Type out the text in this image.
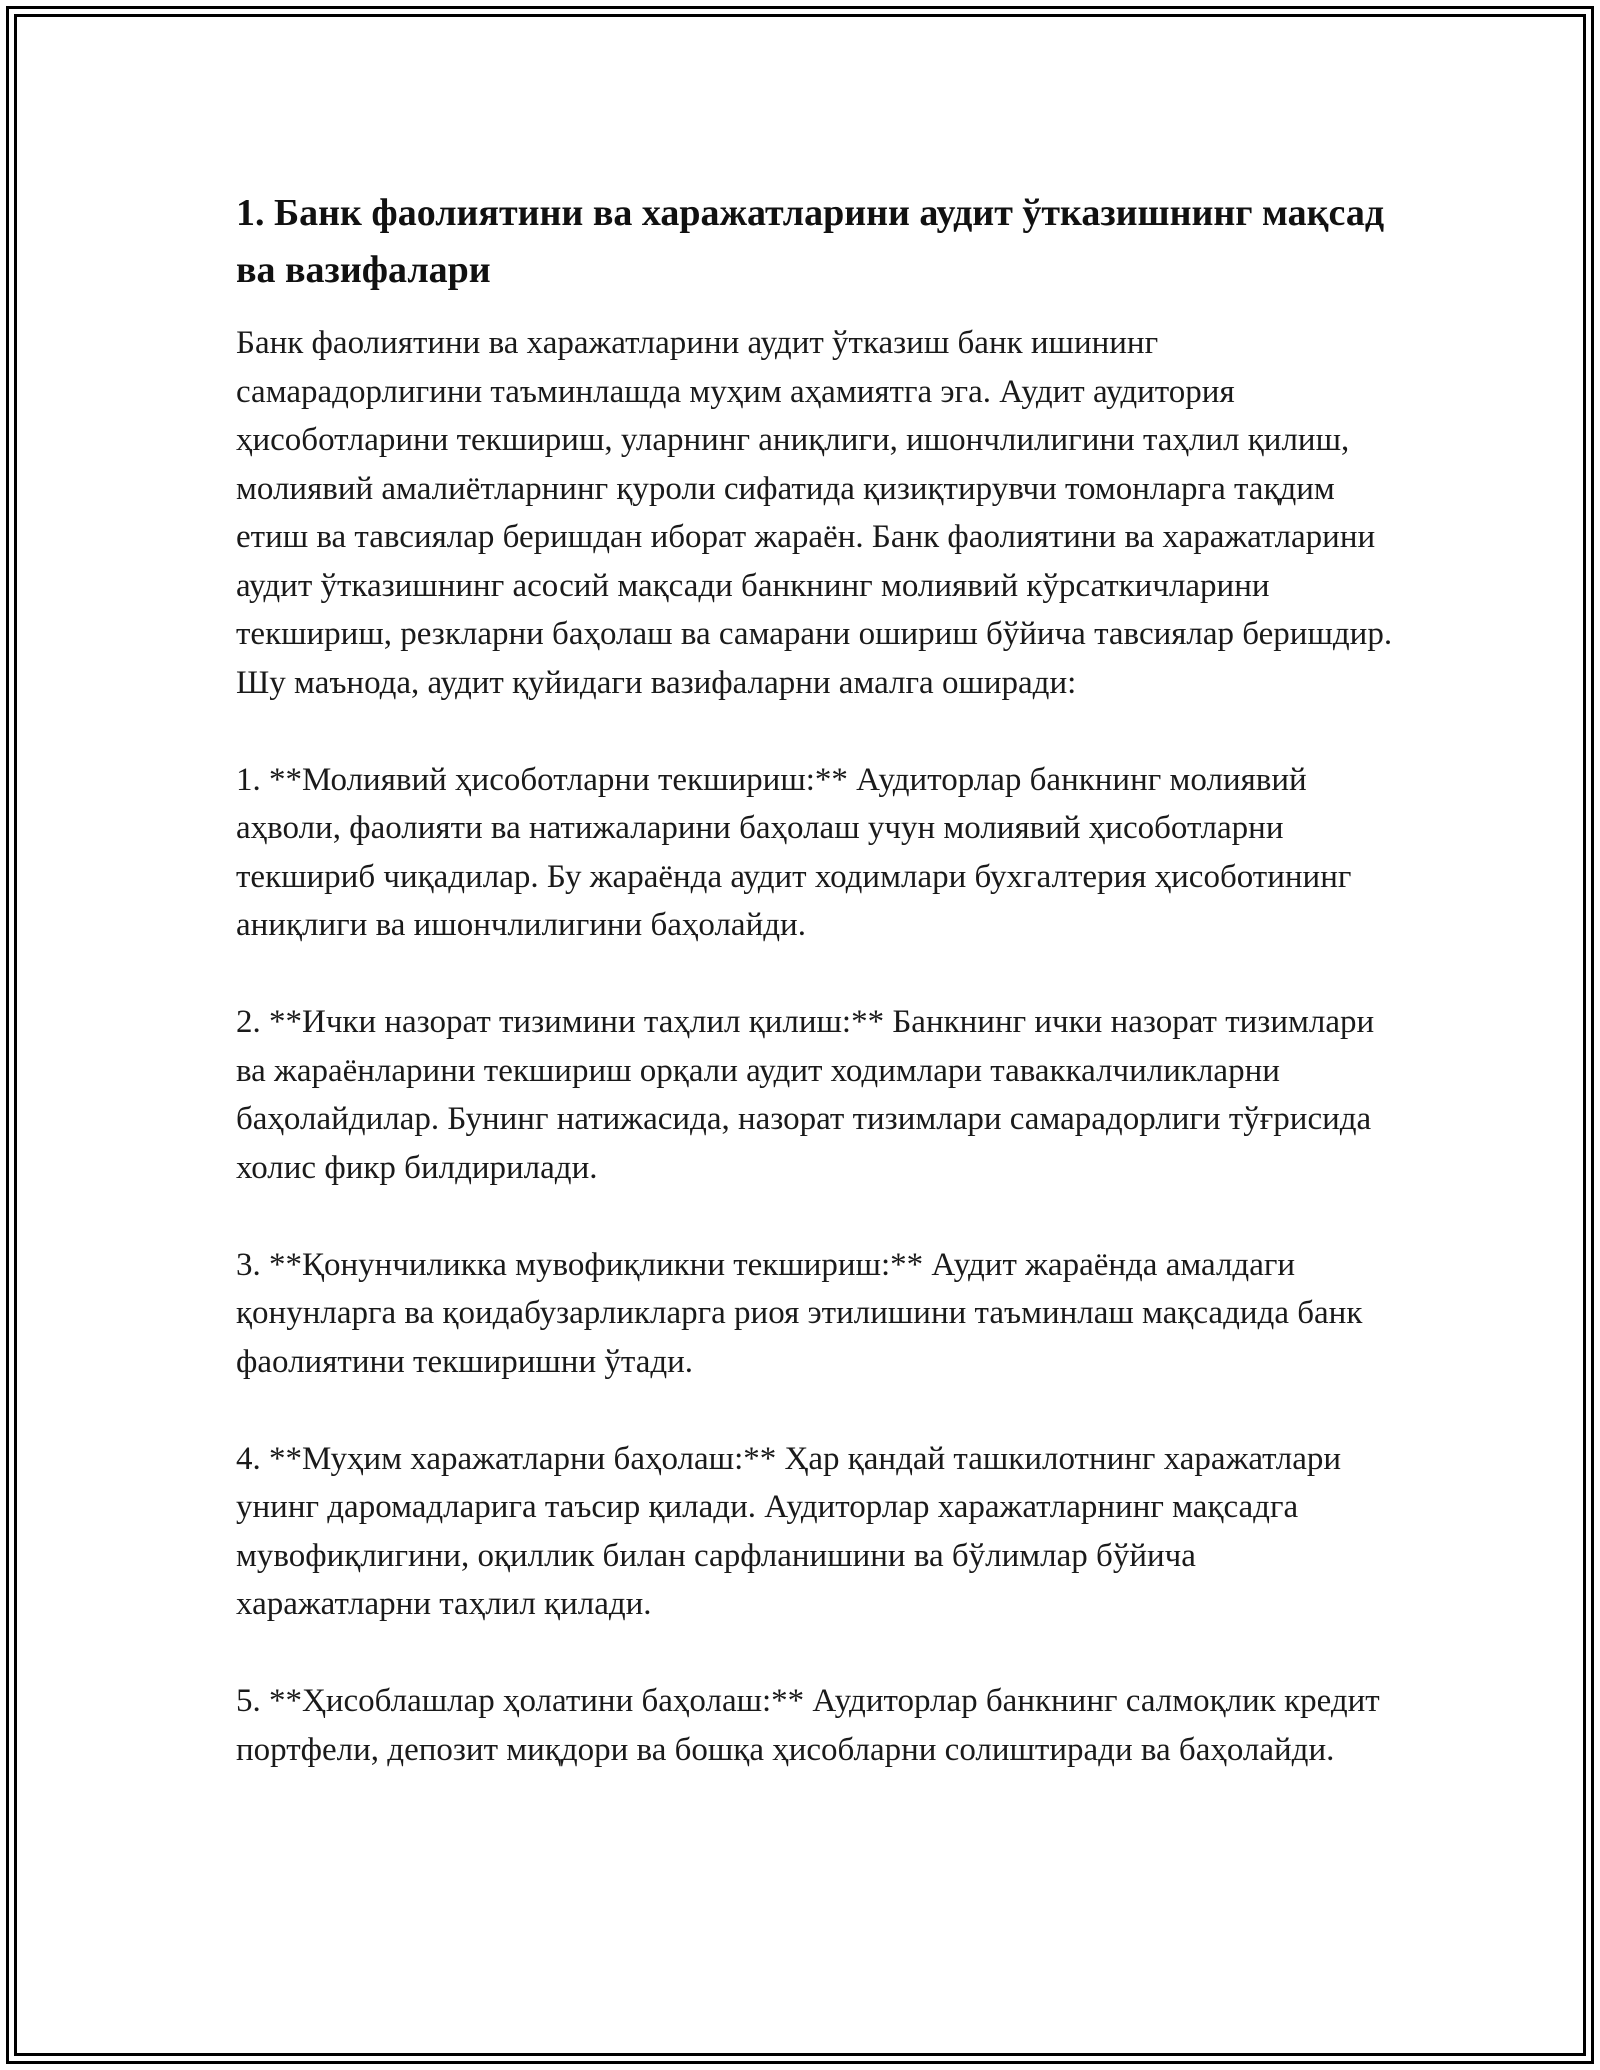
1. Банк фаолиятини ва харажатларини аудит ўтказишнинг мақсад ва вазифалари

Банк фаолиятини ва харажатларини аудит ўтказиш банк ишининг самарадорлигини таъминлашда муҳим аҳамиятга эга. Аудит аудитория ҳисоботларини текшириш, уларнинг аниқлиги, ишончлилигини таҳлил қилиш, молиявий амалиётларнинг қуроли сифатида қизиқтирувчи томонларга тақдим етиш ва тавсиялар беришдан иборат жараён. Банк фаолиятини ва харажатларини аудит ўтказишнинг асосий мақсади банкнинг молиявий кўрсаткичларини текшириш, резкларни баҳолаш ва самарани ошириш бўйича тавсиялар беришдир. Шу маънода, аудит қуйидаги вазифаларни амалга оширади:

1. **Молиявий ҳисоботларни текшириш:** Аудиторлар банкнинг молиявий аҳволи, фаолияти ва натижаларини баҳолаш учун молиявий ҳисоботларни текшириб чиқадилар. Бу жараёнда аудит ходимлари бухгалтерия ҳисоботининг аниқлиги ва ишончлилигини баҳолайди.

2. **Ички назорат тизимини таҳлил қилиш:** Банкнинг ички назорат тизимлари ва жараёнларини текшириш орқали аудит ходимлари таваккалчиликларни баҳолайдилар. Бунинг натижасида, назорат тизимлари самарадорлиги тўғрисида холис фикр билдирилади.

3. **Қонунчиликка мувофиқликни текшириш:** Аудит жараёнда амалдаги қонунларга ва қоидабузарликларга риоя этилишини таъминлаш мақсадида банк фаолиятини текширишни ўтади.

4. **Муҳим харажатларни баҳолаш:** Ҳар қандай ташкилотнинг харажатлари унинг даромадларига таъсир қилади. Аудиторлар харажатларнинг мақсадга мувофиқлигини, оқиллик билан сарфланишини ва бўлимлар бўйича харажатларни таҳлил қилади.

5. **Ҳисоблашлар ҳолатини баҳолаш:** Аудиторлар банкнинг салмоқлик кредит портфели, депозит миқдори ва бошқа ҳисобларни солиштиради ва баҳолайди.
